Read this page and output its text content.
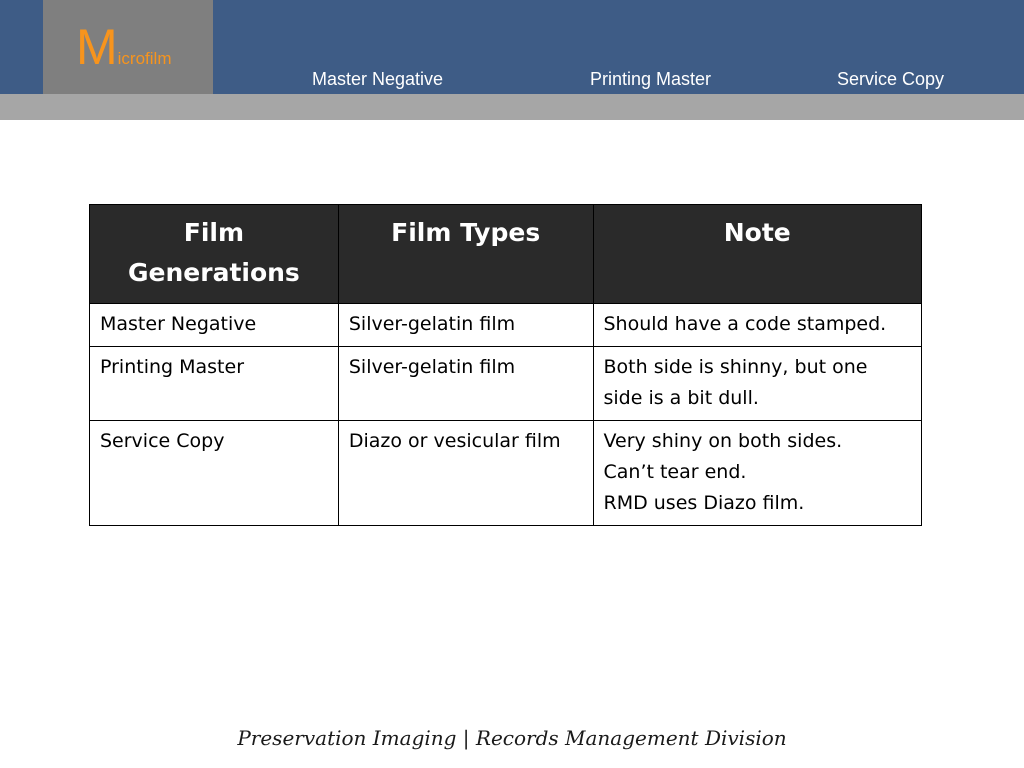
Microfilm
Master Negative	Printing Master	Service Copy
Film Generations	Film Types	Note
Master Negative	Silver-gelatin film	Should have a code stamped.

Printing Master	Silver-gelatin film	Both side is shinny, but one side is a bit dull.

Service Copy	Diazo or vesicular film	Very shiny on both sides.
Can’t tear end.
RMD uses Diazo film.
Preservation Imaging | Records Management Division
